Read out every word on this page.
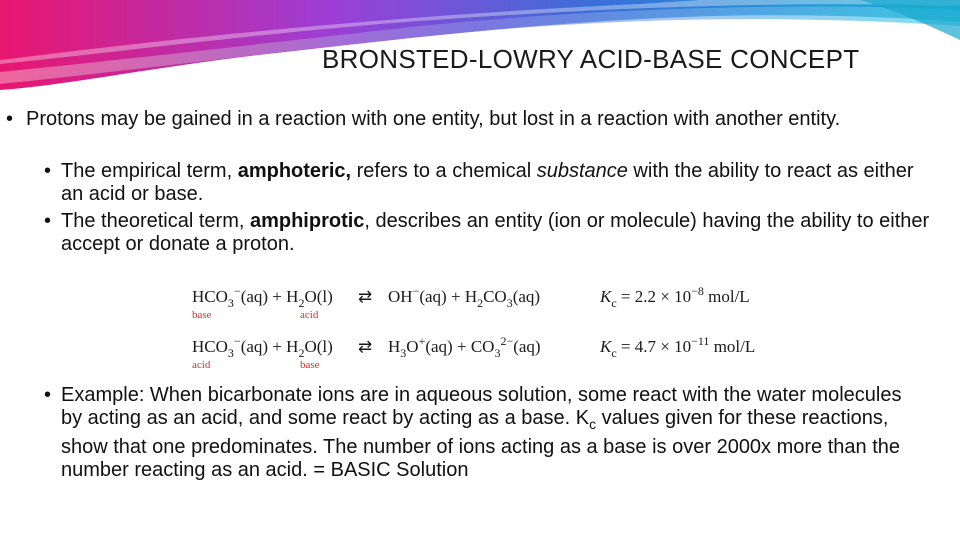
BRONSTED-LOWRY ACID-BASE CONCEPT
• Protons may be gained in a reaction with one entity, but lost in a reaction with another entity.
• The empirical term, amphoteric, refers to a chemical substance with the ability to react as either an acid or base.
• The theoretical term, amphiprotic, describes an entity (ion or molecule) having the ability to either accept or donate a proton.
• Example: When bicarbonate ions are in aqueous solution, some react with the water molecules by acting as an acid, and some react by acting as a base. $K_c$ values given for these reactions, show that one predominates. The number of ions acting as a base is over 2000x more than the number reacting as an acid. = BASIC Solution
$HCO_3^-(aq) + H_2O(l)$ ⇄ $OH^-(aq) + H_2CO_3(aq)$	$K_c = 2.2 \times 10^{-8}$ mol/L
base	acid
$HCO_3^-(aq) + H_2O(l)$ ⇄ $H_3O^+(aq) + CO_3^{2-}(aq)$	$K_c = 4.7 \times 10^{-11}$ mol/L
acid	base
